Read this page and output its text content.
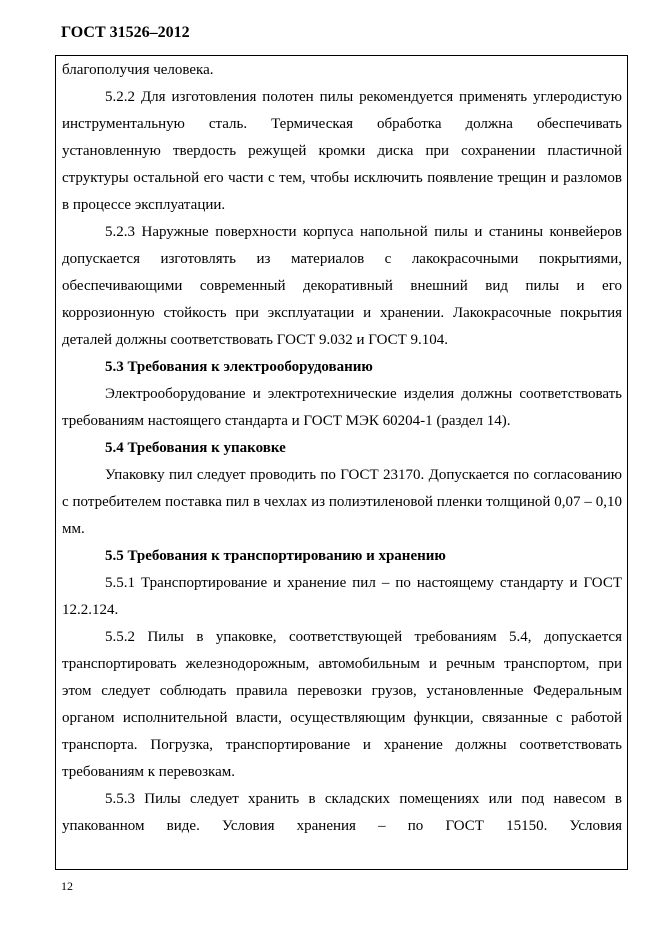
ГОСТ 31526–2012

благополучия человека.

5.2.2 Для изготовления полотен пилы рекомендуется применять углеродистую инструментальную сталь. Термическая обработка должна обеспечивать установленную твердость режущей кромки диска при сохранении пластичной структуры остальной его части с тем, чтобы исключить появление трещин и разломов в процессе эксплуатации.

5.2.3 Наружные поверхности корпуса напольной пилы и станины конвейеров допускается изготовлять из материалов с лакокрасочными покрытиями, обеспечивающими современный декоративный внешний вид пилы и его коррозионную стойкость при эксплуатации и хранении. Лакокрасочные покрытия деталей должны соответствовать ГОСТ 9.032 и ГОСТ 9.104.

5.3 Требования к электрооборудованию

Электрооборудование и электротехнические изделия должны соответствовать требованиям настоящего стандарта и ГОСТ МЭК 60204-1 (раздел 14).

5.4 Требования к упаковке

Упаковку пил следует проводить по ГОСТ 23170. Допускается по согласованию с потребителем поставка пил в чехлах из полиэтиленовой пленки толщиной 0,07 – 0,10 мм.

5.5 Требования к транспортированию и хранению

5.5.1 Транспортирование и хранение пил – по настоящему стандарту и ГОСТ 12.2.124.

5.5.2 Пилы в упаковке, соответствующей требованиям 5.4, допускается транспортировать железнодорожным, автомобильным и речным транспортом, при этом следует соблюдать правила перевозки грузов, установленные Федеральным органом исполнительной власти, осуществляющим функции, связанные с работой транспорта. Погрузка, транспортирование и хранение должны соответствовать требованиям к перевозкам.

5.5.3 Пилы следует хранить в складских помещениях или под навесом в упакованном виде. Условия хранения – по ГОСТ 15150. Условия

12
